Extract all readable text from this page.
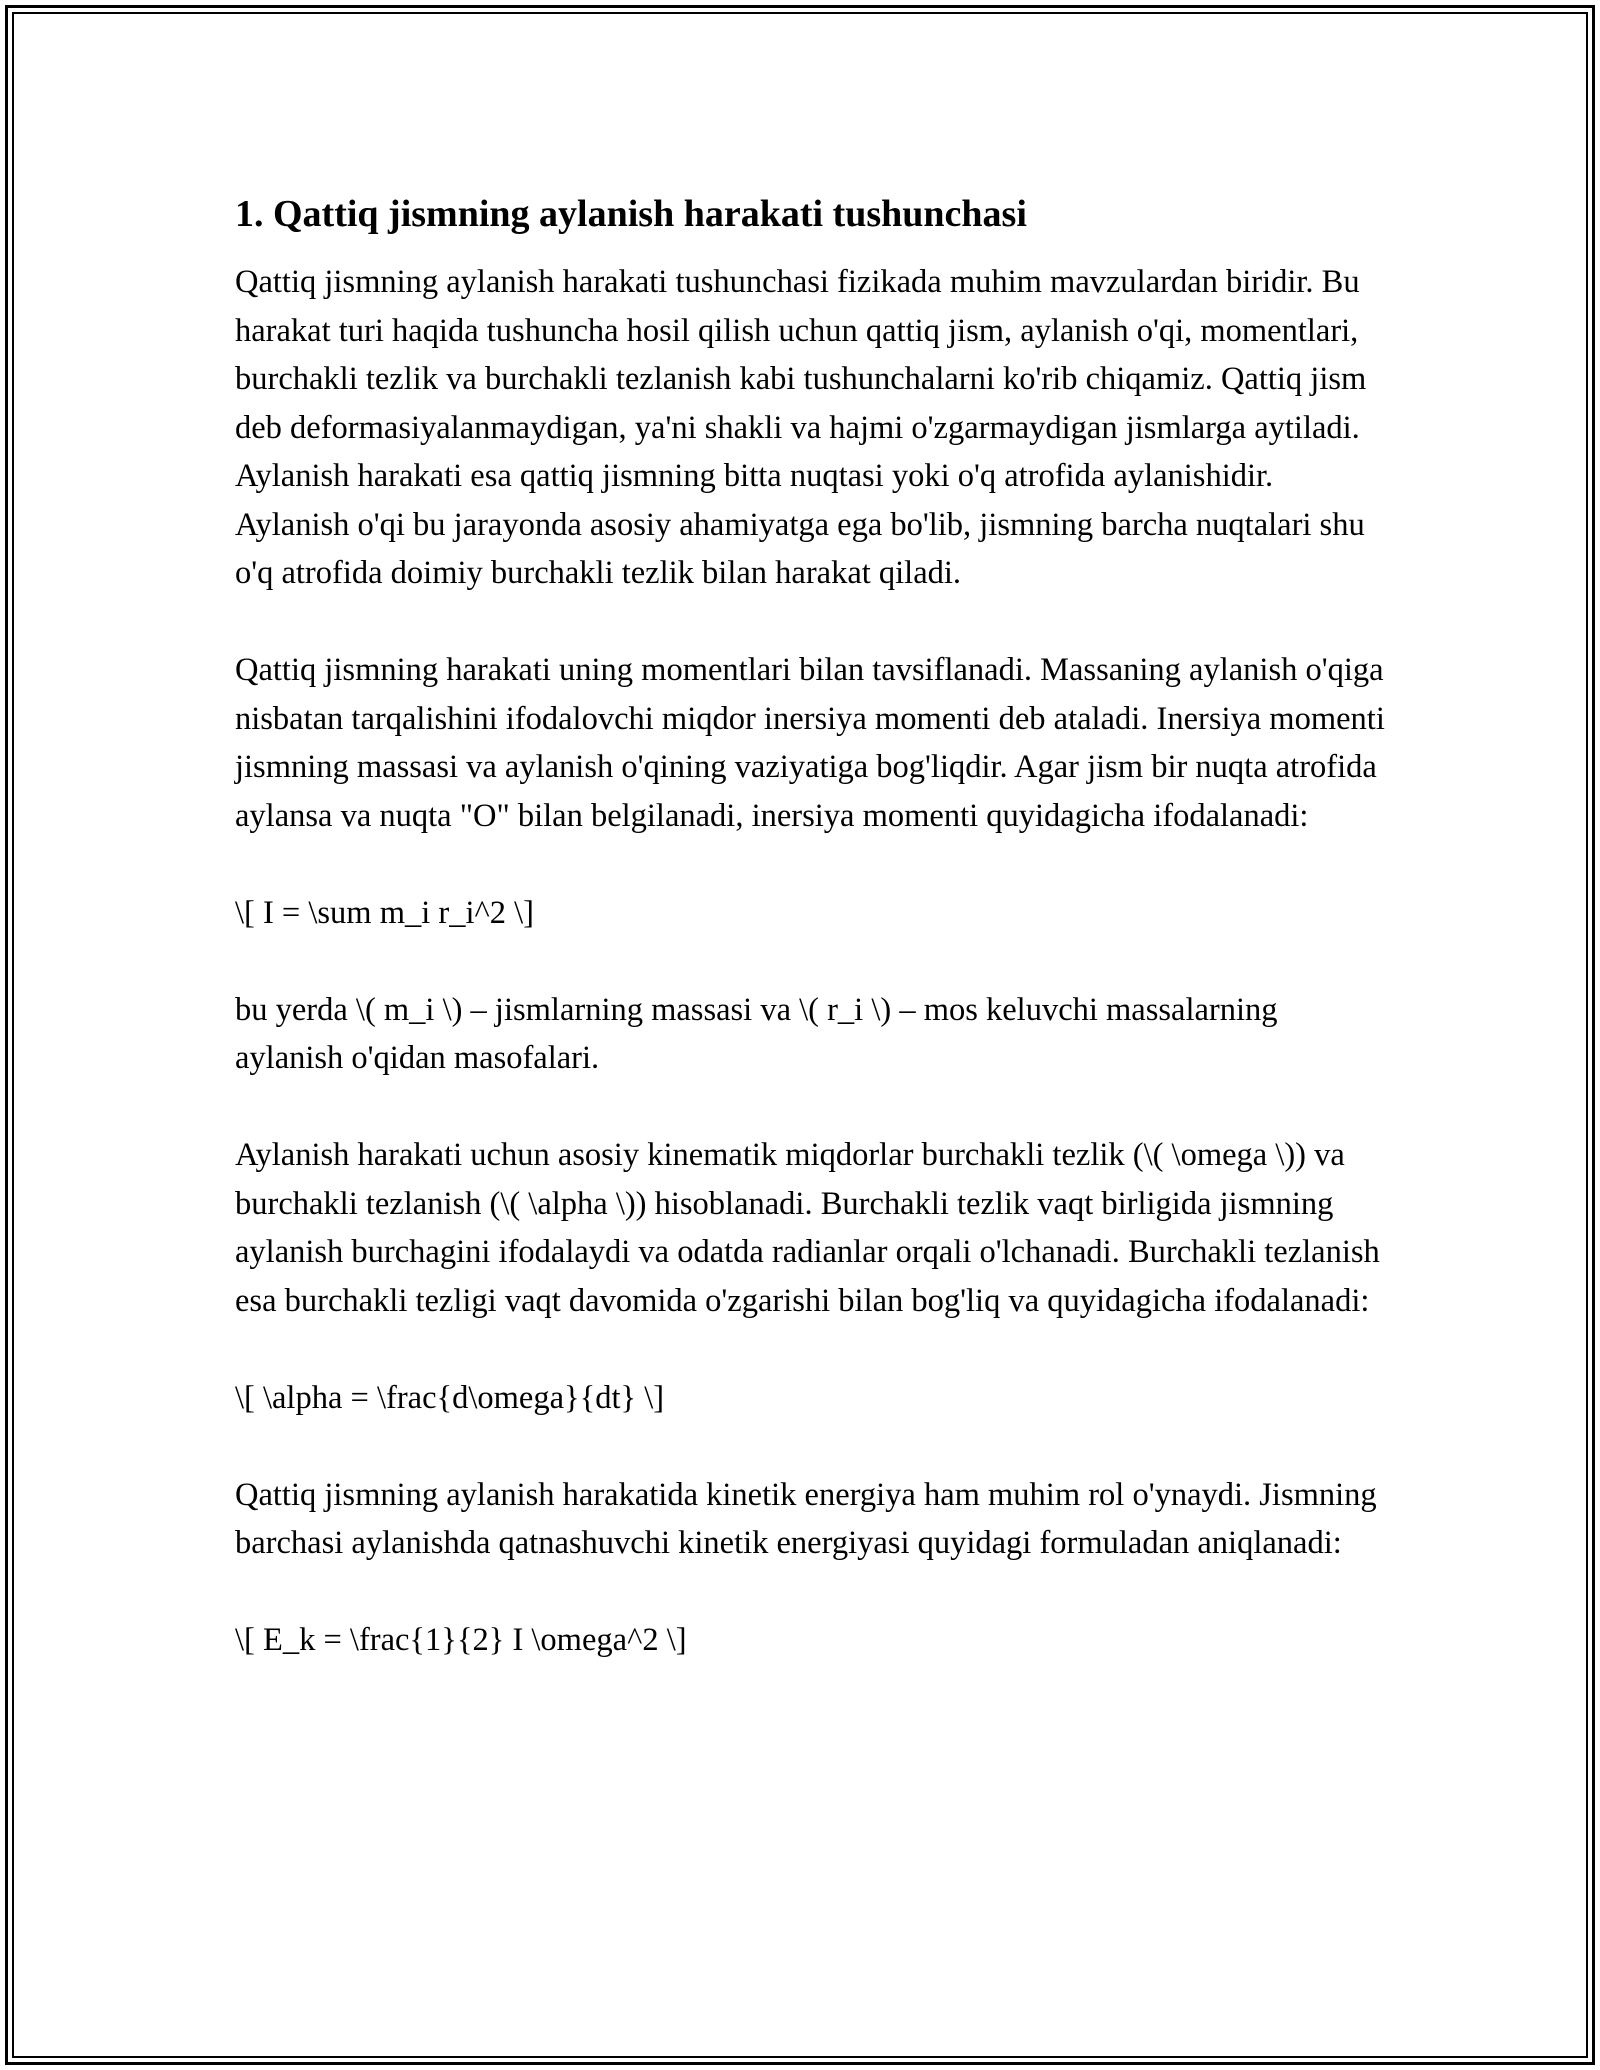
1. Qattiq jismning aylanish harakati tushunchasi

Qattiq jismning aylanish harakati tushunchasi fizikada muhim mavzulardan biridir. Bu harakat turi haqida tushuncha hosil qilish uchun qattiq jism, aylanish o'qi, momentlari, burchakli tezlik va burchakli tezlanish kabi tushunchalarni ko'rib chiqamiz. Qattiq jism deb deformasiyalanmaydigan, ya'ni shakli va hajmi o'zgarmaydigan jismlarga aytiladi. Aylanish harakati esa qattiq jismning bitta nuqtasi yoki o'q atrofida aylanishidir. Aylanish o'qi bu jarayonda asosiy ahamiyatga ega bo'lib, jismning barcha nuqtalari shu o'q atrofida doimiy burchakli tezlik bilan harakat qiladi.

Qattiq jismning harakati uning momentlari bilan tavsiflanadi. Massaning aylanish o'qiga nisbatan tarqalishini ifodalovchi miqdor inersiya momenti deb ataladi. Inersiya momenti jismning massasi va aylanish o'qining vaziyatiga bog'liqdir. Agar jism bir nuqta atrofida aylansa va nuqta "O" bilan belgilanadi, inersiya momenti quyidagicha ifodalanadi:

\[ I = \sum m_i r_i^2 \]

bu yerda \( m_i \) – jismlarning massasi va \( r_i \) – mos keluvchi massalarning aylanish o'qidan masofalari.

Aylanish harakati uchun asosiy kinematik miqdorlar burchakli tezlik (\( \omega \)) va burchakli tezlanish (\( \alpha \)) hisoblanadi. Burchakli tezlik vaqt birligida jismning aylanish burchagini ifodalaydi va odatda radianlar orqali o'lchanadi. Burchakli tezlanish esa burchakli tezligi vaqt davomida o'zgarishi bilan bog'liq va quyidagicha ifodalanadi:

\[ \alpha = \frac{d\omega}{dt} \]

Qattiq jismning aylanish harakatida kinetik energiya ham muhim rol o'ynaydi. Jismning barchasi aylanishda qatnashuvchi kinetik energiyasi quyidagi formuladan aniqlanadi:

\[ E_k = \frac{1}{2} I \omega^2 \]
